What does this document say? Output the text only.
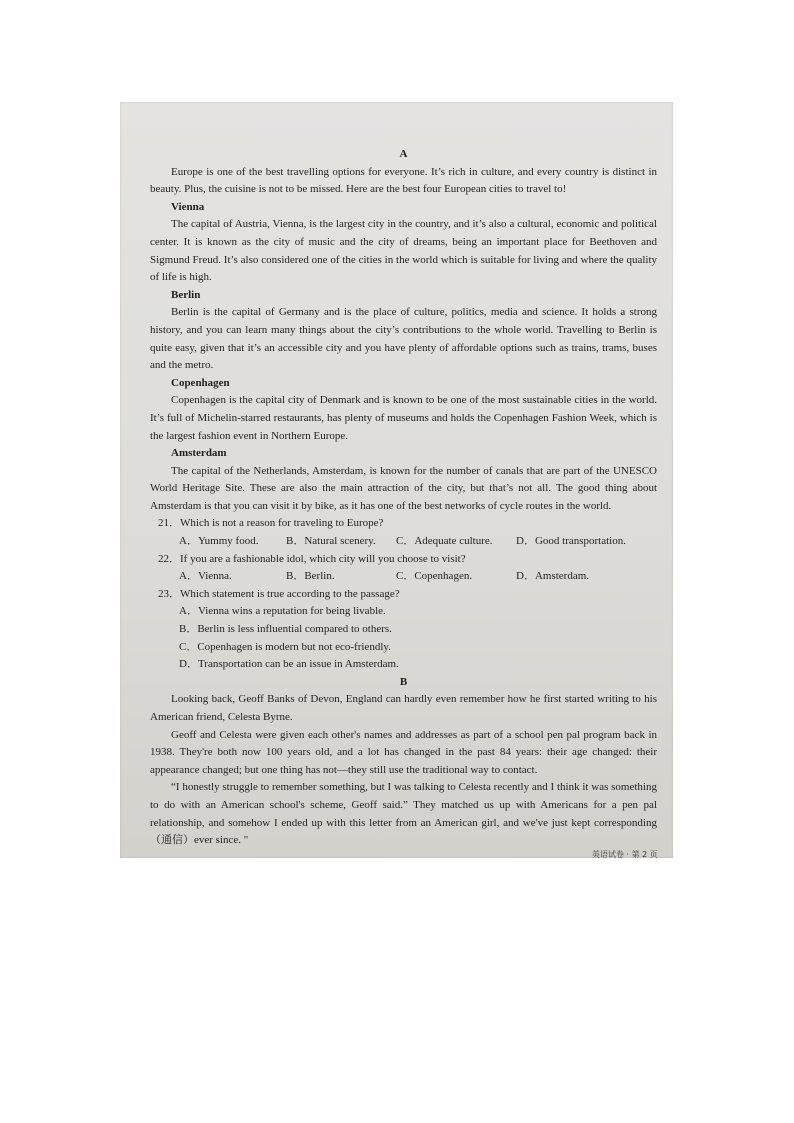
A

Europe is one of the best travelling options for everyone. It’s rich in culture, and every country is distinct in beauty. Plus, the cuisine is not to be missed. Here are the best four European cities to travel to!

Vienna

The capital of Austria, Vienna, is the largest city in the country, and it’s also a cultural, economic and political center. It is known as the city of music and the city of dreams, being an important place for Beethoven and Sigmund Freud. It’s also considered one of the cities in the world which is suitable for living and where the quality of life is high.

Berlin

Berlin is the capital of Germany and is the place of culture, politics, media and science. It holds a strong history, and you can learn many things about the city’s contributions to the whole world. Travelling to Berlin is quite easy, given that it’s an accessible city and you have plenty of affordable options such as trains, trams, buses and the metro.

Copenhagen

Copenhagen is the capital city of Denmark and is known to be one of the most sustainable cities in the world. It’s full of Michelin-starred restaurants, has plenty of museums and holds the Copenhagen Fashion Week, which is the largest fashion event in Northern Europe.

Amsterdam

The capital of the Netherlands, Amsterdam, is known for the number of canals that are part of the UNESCO World Heritage Site. These are also the main attraction of the city, but that’s not all. The good thing about Amsterdam is that you can visit it by bike, as it has one of the best networks of cycle routes in the world.

21．Which is not a reason for traveling to Europe?

A．Yummy food.	B．Natural scenery.	C．Adequate culture.	D．Good transportation.

22．If you are a fashionable idol, which city will you choose to visit?

A．Vienna.	B．Berlin.	C．Copenhagen.	D．Amsterdam.

23．Which statement is true according to the passage?

A．Vienna wins a reputation for being livable.
B．Berlin is less influential compared to others.
C．Copenhagen is modern but not eco-friendly.
D．Transportation can be an issue in Amsterdam.

B

Looking back, Geoff Banks of Devon, England can hardly even remember how he first started writing to his American friend, Celesta Byrne.

Geoff and Celesta were given each other's names and addresses as part of a school pen pal program back in 1938. They're both now 100 years old, and a lot has changed in the past 84 years: their age changed: their appearance changed; but one thing has not—they still use the traditional way to contact.

“I honestly struggle to remember something, but I was talking to Celesta recently and I think it was something to do with an American school's scheme, Geoff said.” They matched us up with Americans for a pen pal relationship, and somehow I ended up with this letter from an American girl, and we've just kept corresponding（通信）ever since. "

英语试卷 · 第 2 页
